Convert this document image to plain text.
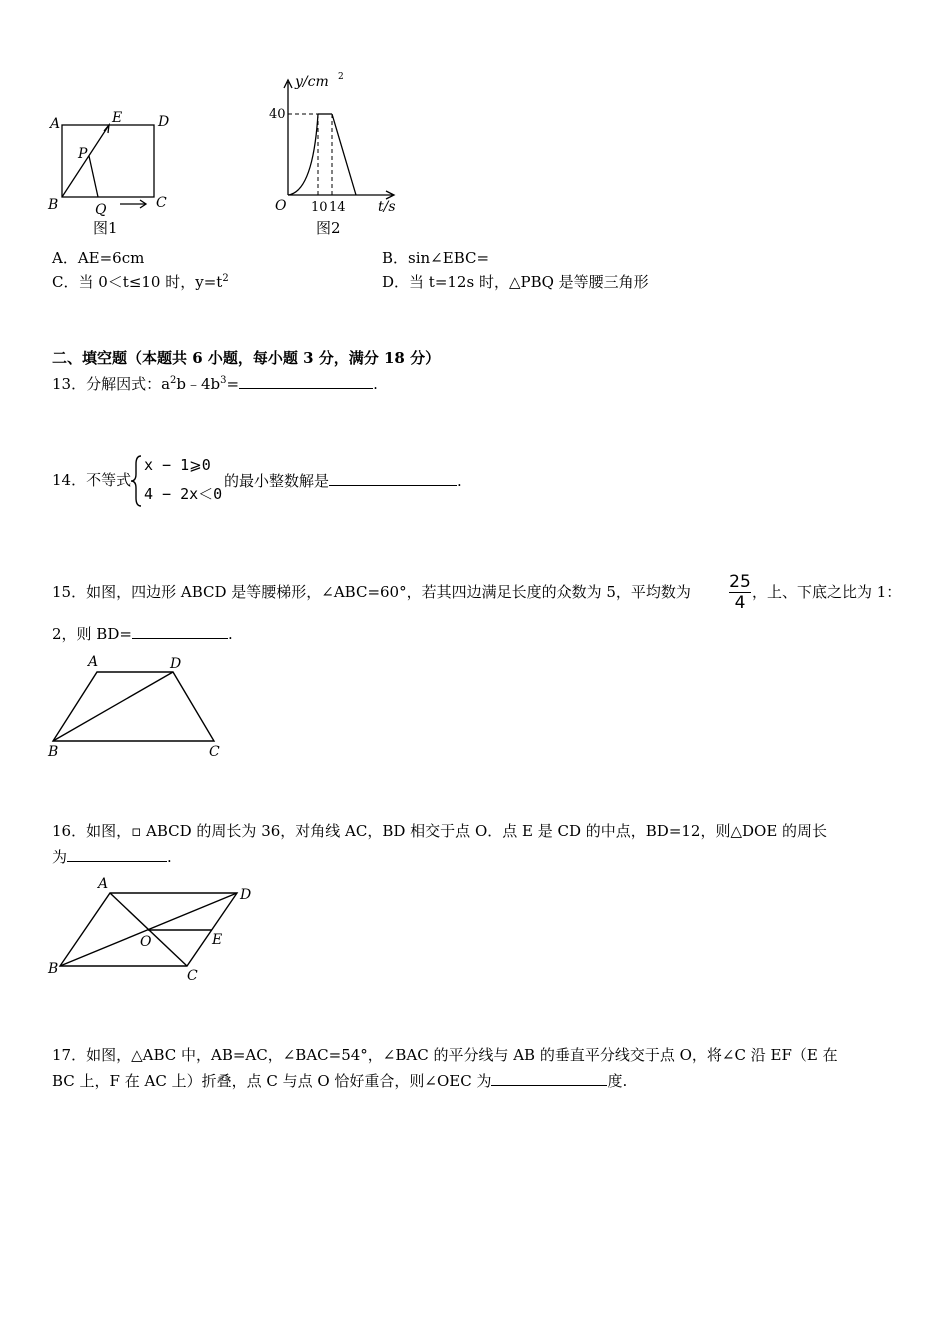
A	D
E
P
B	Q	C
图1
y/cm 2
40
O 10 14 t/s
图2
A．AE=6cm	B．sin∠EBC=
C．当 0＜t≤10 时，$y=t^2$	D．当 t=12s 时，△PBQ 是等腰三角形
二、填空题（本题共 6 小题，每小题 3 分，满分 18 分）
13．分解因式：$a^2b﹣4b^3=$	.
14．不等式
x − 1⩾0
4 − 2x＜0
的最小整数解是	.
15．如图，四边形 ABCD 是等腰梯形，∠ABC=60°，若其四边满足长度的众数为 5，平均数为 25
4
，上、下底之比为 1：
2，则 BD=	.
A	D
B	C
16．如图，▫ ABCD 的周长为 36，对角线 AC，BD 相交于点 O．点 E 是 CD 的中点，BD=12，则△DOE 的周长
为	.
A
D
O	E
B	C
17．如图，△ABC 中，AB=AC，∠BAC=54°，∠BAC 的平分线与 AB 的垂直平分线交于点 O，将∠C 沿 EF（E 在
BC 上，F 在 AC 上）折叠，点 C 与点 O 恰好重合，则∠OEC 为	度.
